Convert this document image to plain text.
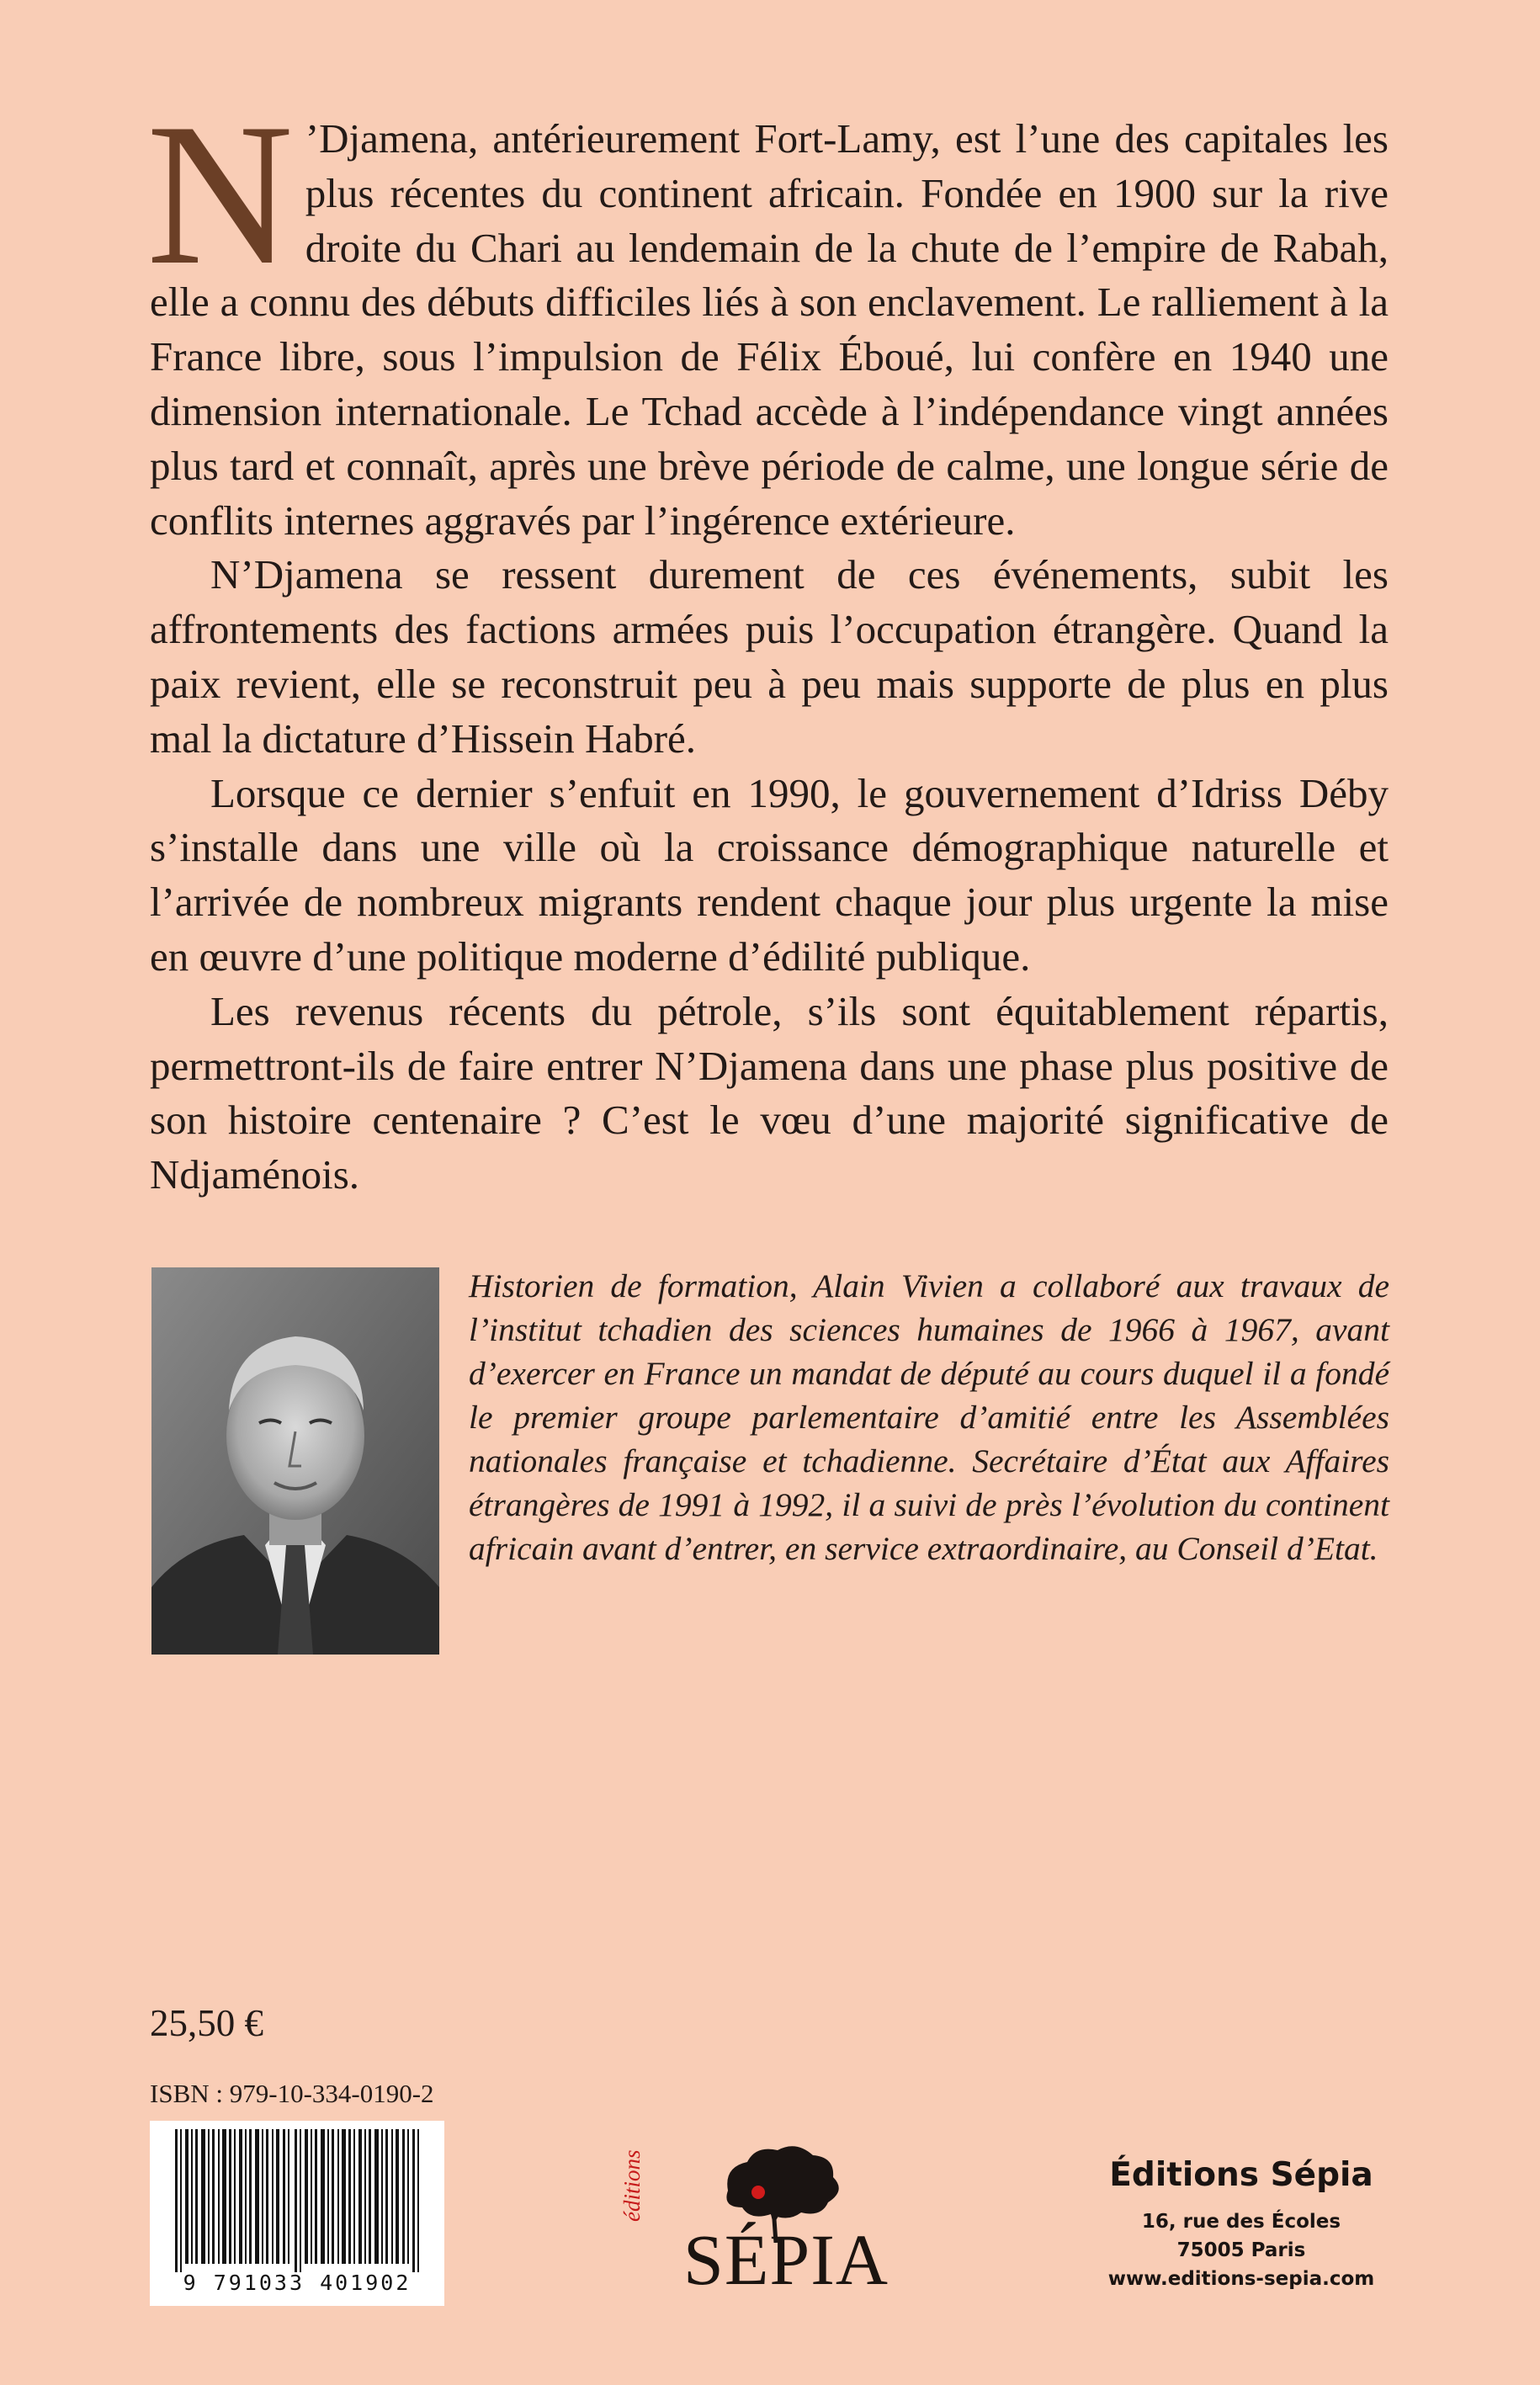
N ’Djamena, antérieurement Fort-Lamy, est l’une des capitales les plus récentes du continent africain. Fondée en 1900 sur la rive droite du Chari au lendemain de la chute de l’empire de Rabah, elle a connu des débuts difficiles liés à son enclavement. Le ralliement à la France libre, sous l’impulsion de Félix Éboué, lui confère en 1940 une dimension internationale. Le Tchad accède à l’indépendance vingt années plus tard et connaît, après une brève période de calme, une longue série de conflits internes aggravés par l’ingérence extérieure.

N’Djamena se ressent durement de ces événements, subit les affrontements des factions armées puis l’occupation étrangère. Quand la paix revient, elle se reconstruit peu à peu mais supporte de plus en plus mal la dictature d’Hissein Habré.

Lorsque ce dernier s’enfuit en 1990, le gouvernement d’Idriss Déby s’installe dans une ville où la croissance démographique naturelle et l’arrivée de nombreux migrants rendent chaque jour plus urgente la mise en œuvre d’une politique moderne d’édilité publique.

Les revenus récents du pétrole, s’ils sont équitablement répartis, permettront-ils de faire entrer N’Djamena dans une phase plus positive de son histoire centenaire ? C’est le vœu d’une majorité significative de Ndjaménois.

Historien de formation, Alain Vivien a collaboré aux travaux de l’institut tchadien des sciences humaines de 1966 à 1967, avant d’exercer en France un mandat de député au cours duquel il a fondé le premier groupe parlementaire d’amitié entre les Assemblées nationales française et tchadienne. Secrétaire d’État aux Affaires étrangères de 1991 à 1992, il a suivi de près l’évolution du continent africain avant d’entrer, en service extraordinaire, au Conseil d’Etat.

25,50 €

ISBN : 979-10-334-0190-2

9 791033 401902

éditions

SÉPIA

Éditions Sépia

16, rue des Écoles

75005 Paris

www.editions-sepia.com
